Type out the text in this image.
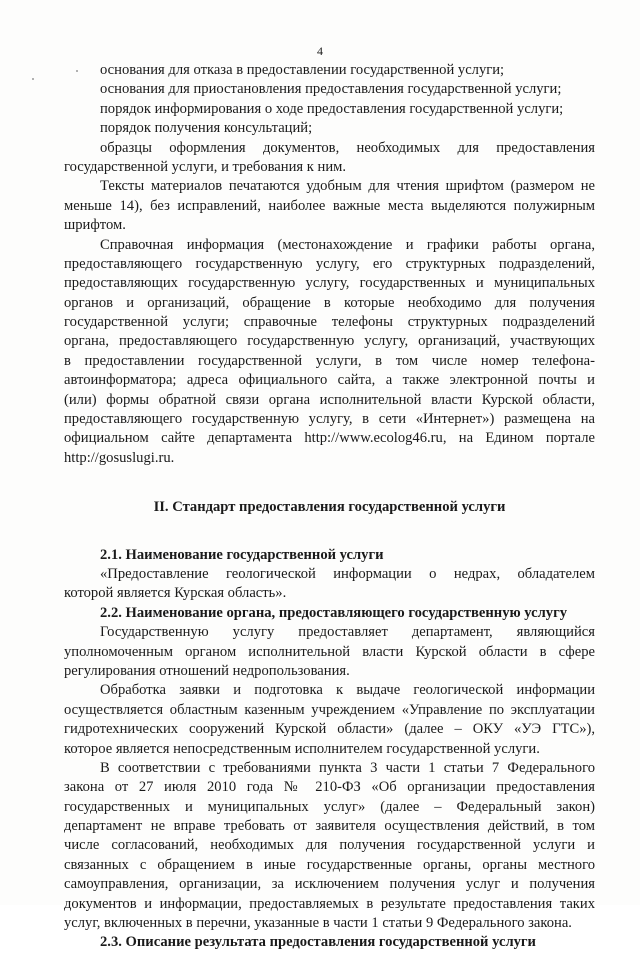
4
основания для отказа в предоставлении государственной услуги;
основания для приостановления предоставления государственной услуги;
порядок информирования о ходе предоставления государственной услуги;
порядок получения консультаций;
образцы оформления документов, необходимых для предоставления
государственной услуги, и требования к ним.
Тексты материалов печатаются удобным для чтения шрифтом (размером не
меньше 14), без исправлений, наиболее важные места выделяются полужирным
шрифтом.
Справочная информация (местонахождение и графики работы органа,
предоставляющего государственную услугу, его структурных подразделений,
предоставляющих государственную услугу, государственных и муниципальных
органов и организаций, обращение в которые необходимо для получения
государственной услуги; справочные телефоны структурных подразделений
органа, предоставляющего государственную услугу, организаций, участвующих
в предоставлении государственной услуги, в том числе номер телефона-
автоинформатора; адреса официального сайта, а также электронной почты и
(или) формы обратной связи органа исполнительной власти Курской области,
предоставляющего государственную услугу, в сети «Интернет») размещена на
официальном сайте департамента http://www.ecolog46.ru, на Едином портале
http://gosuslugi.ru.
II. Стандарт предоставления государственной услуги
2.1. Наименование государственной услуги
«Предоставление геологической информации о недрах, обладателем
которой является Курская область».
2.2. Наименование органа, предоставляющего государственную услугу
Государственную услугу предоставляет департамент, являющийся
уполномоченным органом исполнительной власти Курской области в сфере
регулирования отношений недропользования.
Обработка заявки и подготовка к выдаче геологической информации
осуществляется областным казенным учреждением «Управление по эксплуатации
гидротехнических сооружений Курской области» (далее – ОКУ «УЭ ГТС»),
которое является непосредственным исполнителем государственной услуги.
В соответствии с требованиями пункта 3 части 1 статьи 7 Федерального
закона от 27 июля 2010 года № 210-ФЗ «Об организации предоставления
государственных и муниципальных услуг» (далее – Федеральный закон)
департамент не вправе требовать от заявителя осуществления действий, в том
числе согласований, необходимых для получения государственной услуги и
связанных с обращением в иные государственные органы, органы местного
самоуправления, организации, за исключением получения услуг и получения
документов и информации, предоставляемых в результате предоставления таких
услуг, включенных в перечни, указанные в части 1 статьи 9 Федерального закона.
2.3. Описание результата предоставления государственной услуги
